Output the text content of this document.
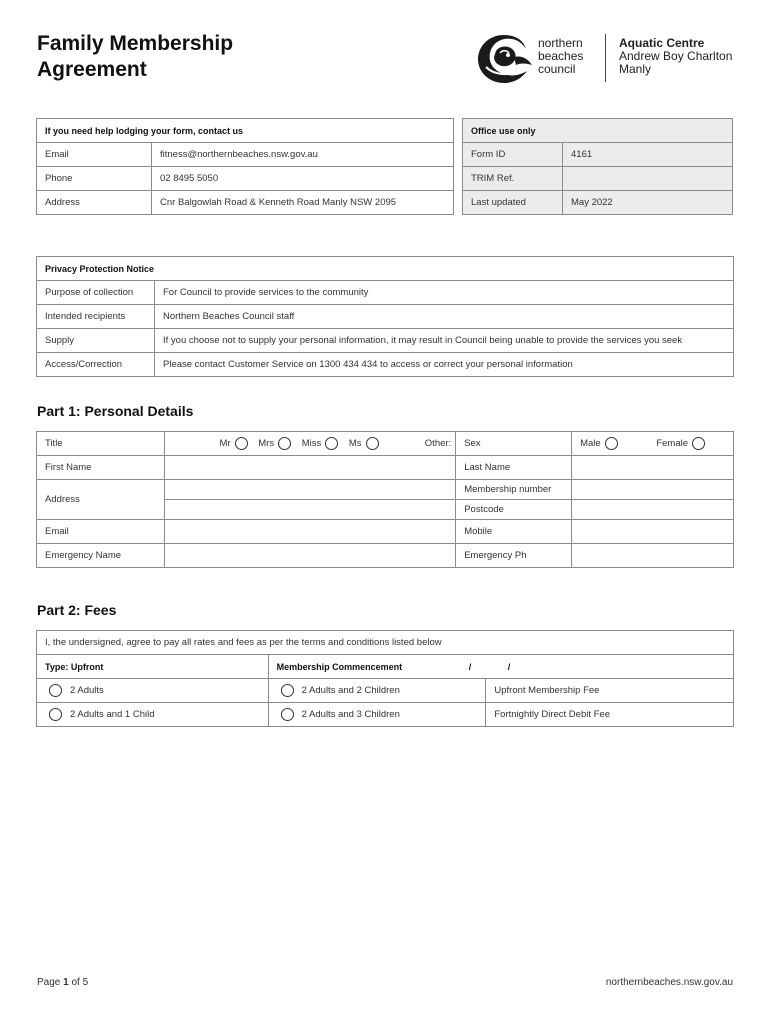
Family Membership
Agreement
northern
beaches
council
Aquatic Centre
Andrew Boy Charlton
Manly
If you need help lodging your form, contact us	
Email	fitness@northernbeaches.nsw.gov.au
Phone	02 8495 5050
Address	Cnr Balgowlah Road & Kenneth Road Manly NSW 2095
Office use only	
Form ID	4161
TRIM Ref.	
Last updated	May 2022
Privacy Protection Notice	
Purpose of collection	For Council to provide services to the community
Intended recipients	Northern Beaches Council staff
Supply	If you choose not to supply your personal information, it may result in Council being unable to provide the services you seek
Access/Correction	Please contact Customer Service on 1300 434 434 to access or correct your personal information
Part 1: Personal Details
Title	Mr Mrs Miss Ms Other:	Sex	Male Female
First Name		Last Name	
Address		Membership number	
		Postcode	
Email		Mobile	
Emergency Name		Emergency Ph	
Part 2: Fees
I, the undersigned, agree to pay all rates and fees as per the terms and conditions listed below		
Type: Upfront	Membership Commencement / /	
2 Adults	2 Adults and 2 Children	Upfront Membership Fee
2 Adults and 1 Child	2 Adults and 3 Children	Fortnightly Direct Debit Fee
Page 1 of 5	northernbeaches.nsw.gov.au
